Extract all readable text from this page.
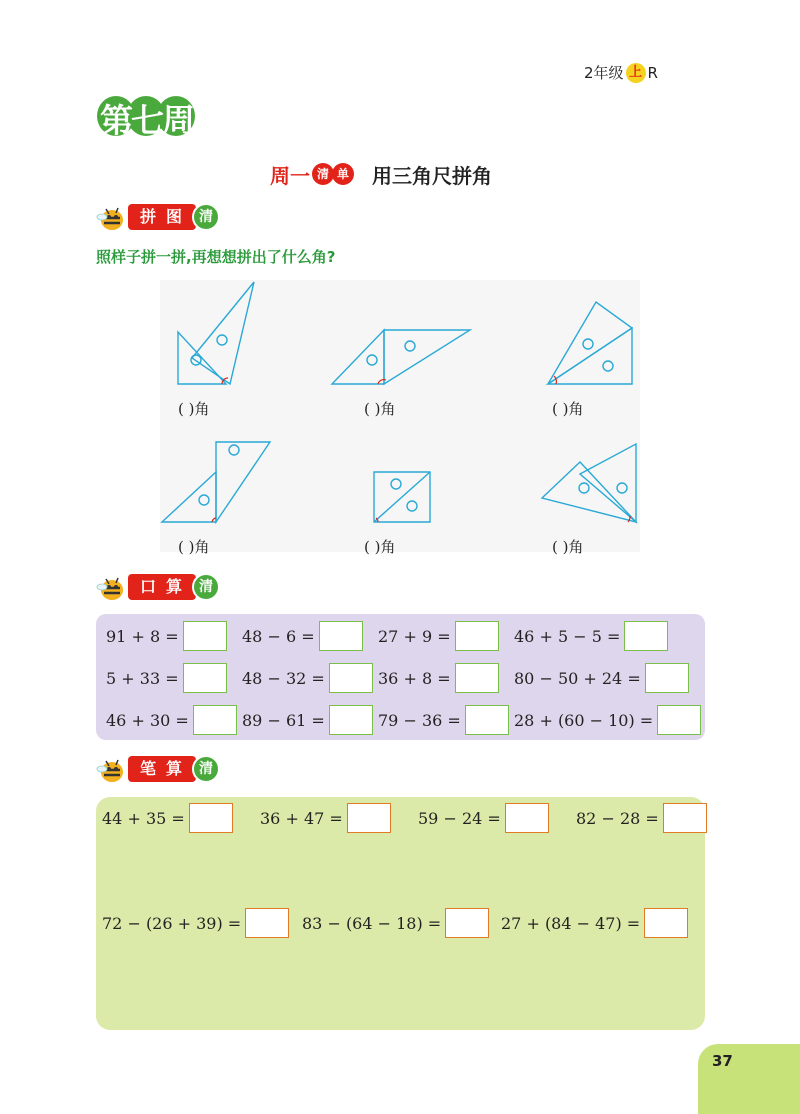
2年级 上 R
第七周
周一 清 单 用三角尺拼角
拼图 清
照样子拼一拼,再想想拼出了什么角?
( )角	( )角	( )角
( )角	( )角	( )角
口算 清
91 + 8 =	48 − 6 =	27 + 9 =	46 + 5 − 5 =
5 + 33 =	48 − 32 =	36 + 8 =	80 − 50 + 24 =
46 + 30 =	89 − 61 =	79 − 36 =	28 + (60 − 10) =
笔算 清
44 + 35 =	36 + 47 =	59 − 24 =	82 − 28 =
72 − (26 + 39) =	83 − (64 − 18) =	27 + (84 − 47) =
37
